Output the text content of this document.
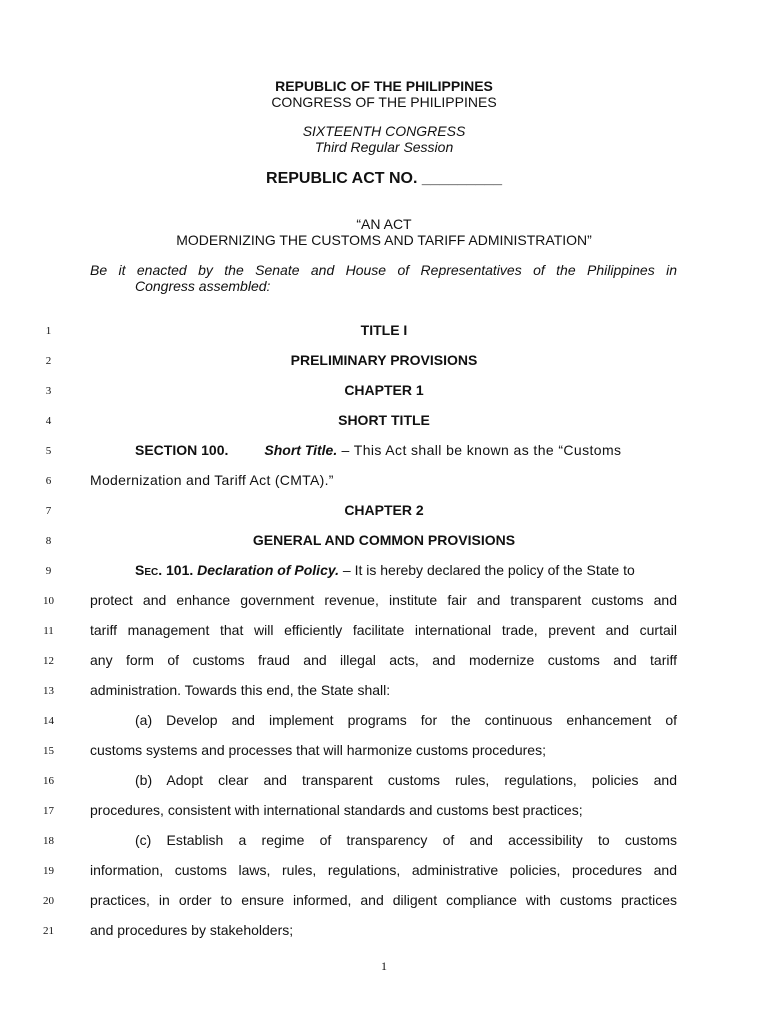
REPUBLIC OF THE PHILIPPINES

CONGRESS OF THE PHILIPPINES

SIXTEENTH CONGRESS

Third Regular Session

REPUBLIC ACT NO. _________

“AN ACT

MODERNIZING THE CUSTOMS AND TARIFF ADMINISTRATION”

Be it enacted by the Senate and House of Representatives of the Philippines in

Congress assembled:

1
2
3
4
5
6
7
8
9
10
11
12
13
14
15
16
17
18
19
20
21
TITLE I
PRELIMINARY PROVISIONS
CHAPTER 1
SHORT TITLE
SECTION 100.	Short Title. – This Act shall be known as the “Customs
Modernization and Tariff Act (CMTA).”
CHAPTER 2
GENERAL AND COMMON PROVISIONS
Sec. 101. Declaration of Policy. – It is hereby declared the policy of the State to
protect and enhance government revenue, institute fair and transparent customs and
tariff management that will efficiently facilitate international trade, prevent and curtail
any form of customs fraud and illegal acts, and modernize customs and tariff
administration. Towards this end, the State shall:
(a) Develop and implement programs for the continuous enhancement of
customs systems and processes that will harmonize customs procedures;
(b) Adopt clear and transparent customs rules, regulations, policies and
procedures, consistent with international standards and customs best practices;
(c) Establish a regime of transparency of and accessibility to customs
information, customs laws, rules, regulations, administrative policies, procedures and
practices, in order to ensure informed, and diligent compliance with customs practices
and procedures by stakeholders;
1
